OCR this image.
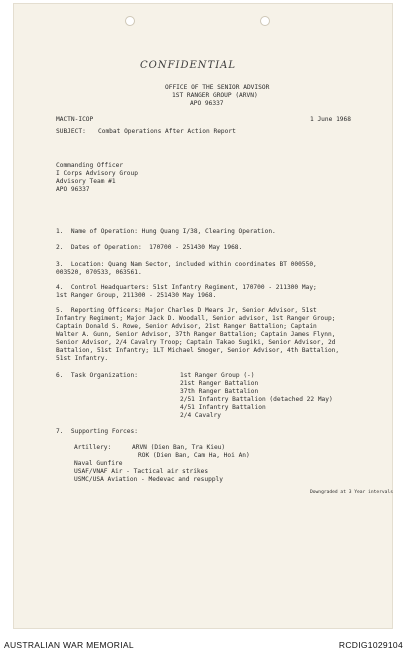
CONFIDENTIAL
OFFICE OF THE SENIOR ADVISOR
1ST RANGER GROUP (ARVN)
APO 96337
MACTN-ICOP	1 June 1968
SUBJECT: Combat Operations After Action Report
Commanding Officer
I Corps Advisory Group
Advisory Team #1
APO 96337
1.  Name of Operation: Hung Quang I/38, Clearing Operation.
2.  Dates of Operation:  170700 - 251430 May 1968.
3.  Location: Quang Nam Sector, included within coordinates BT 000550,
003520, 070533, 063561.
4.  Control Headquarters: 51st Infantry Regiment, 170700 - 211300 May;
1st Ranger Group, 211300 - 251430 May 1968.
5.  Reporting Officers: Major Charles D Mears Jr, Senior Advisor, 51st
Infantry Regiment; Major Jack D. Woodall, Senior advisor, 1st Ranger Group;
Captain Donald S. Rowe, Senior Advisor, 21st Ranger Battalion; Captain
Walter A. Gunn, Senior Advisor, 37th Ranger Battalion; Captain James Flynn,
Senior Advisor, 2/4 Cavalry Troop; Captain Takao Sugiki, Senior Advisor, 2d
Battalion, 51st Infantry; 1LT Michael Smoger, Senior Advisor, 4th Battalion,
51st Infantry.
6.  Task Organization:	1st Ranger Group (-)
21st Ranger Battalion
37th Ranger Battalion
2/51 Infantry Battalion (detached 22 May)
4/51 Infantry Battalion
2/4 Cavalry
7.  Supporting Forces:
Artillery:	ARVN (Dien Ban, Tra Kieu)
ROK (Dien Ban, Cam Ha, Hoi An)
Naval Gunfire
USAF/VNAF Air - Tactical air strikes
USMC/USA Aviation - Medevac and resupply
Downgraded at 3 Year intervals
AUSTRALIAN WAR MEMORIAL	RCDIG1029104
